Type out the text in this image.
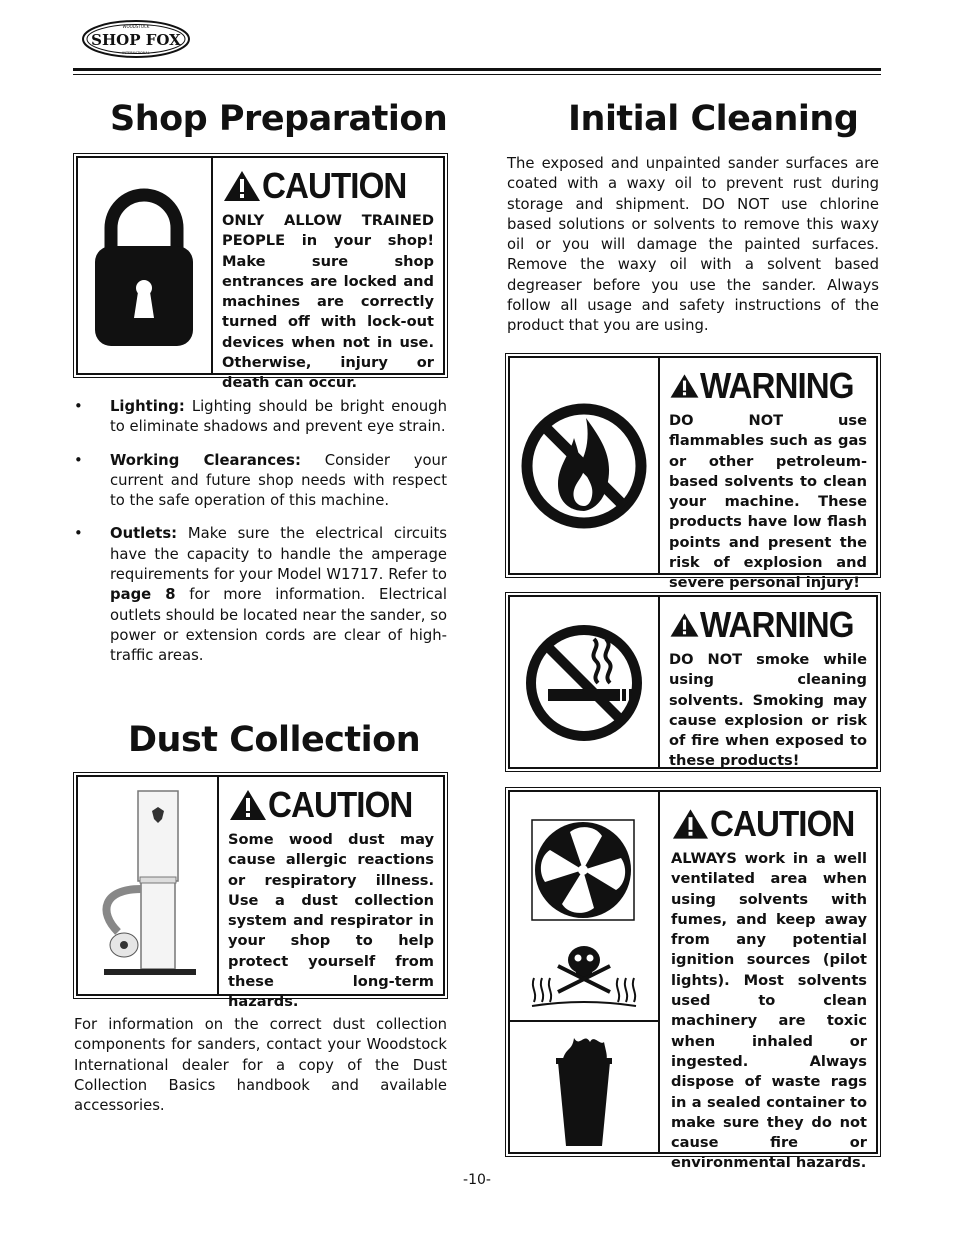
SHOP FOX
WOODSTOCK
INTERNATIONAL
Shop Preparation
CAUTION
ONLY ALLOW TRAINED PEOPLE in your shop! Make sure shop entrances are locked and machines are correctly turned off with lock-out devices when not in use. Otherwise, injury or death can occur.
• Lighting: Lighting should be bright enough to eliminate shadows and prevent eye strain.
• Working Clearances: Consider your current and future shop needs with respect to the safe operation of this machine.
• Outlets: Make sure the electrical circuits have the capacity to handle the amperage requirements for your Model W1717. Refer to page 8 for more information. Electrical outlets should be located near the sander, so power or extension cords are clear of high-traffic areas.
Dust Collection
CAUTION
Some wood dust may cause allergic reactions or respiratory illness. Use a dust collection system and respirator in your shop to help protect yourself from these long-term hazards.

For information on the correct dust collection components for sanders, contact your Woodstock International dealer for a copy of the Dust Collection Basics handbook and available accessories.

Initial Cleaning

The exposed and unpainted sander surfaces are coated with a waxy oil to prevent rust during storage and shipment. DO NOT use chlorine based solutions or solvents to remove this waxy oil or you will damage the painted surfaces. Remove the waxy oil with a solvent based degreaser before you use the sander. Always follow all usage and safety instructions of the product that you are using.

WARNING
DO NOT use flammables such as gas or other petroleum-based solvents to clean your machine. These products have low flash points and present the risk of explosion and severe personal injury!
WARNING
DO NOT smoke while using cleaning solvents. Smoking may cause explosion or risk of fire when exposed to these products!
CAUTION
ALWAYS work in a well ventilated area when using solvents with fumes, and keep away from any potential ignition sources (pilot lights). Most solvents used to clean machinery are toxic when inhaled or ingested. Always dispose of waste rags in a sealed container to make sure they do not cause fire or environmental hazards.
-10-
